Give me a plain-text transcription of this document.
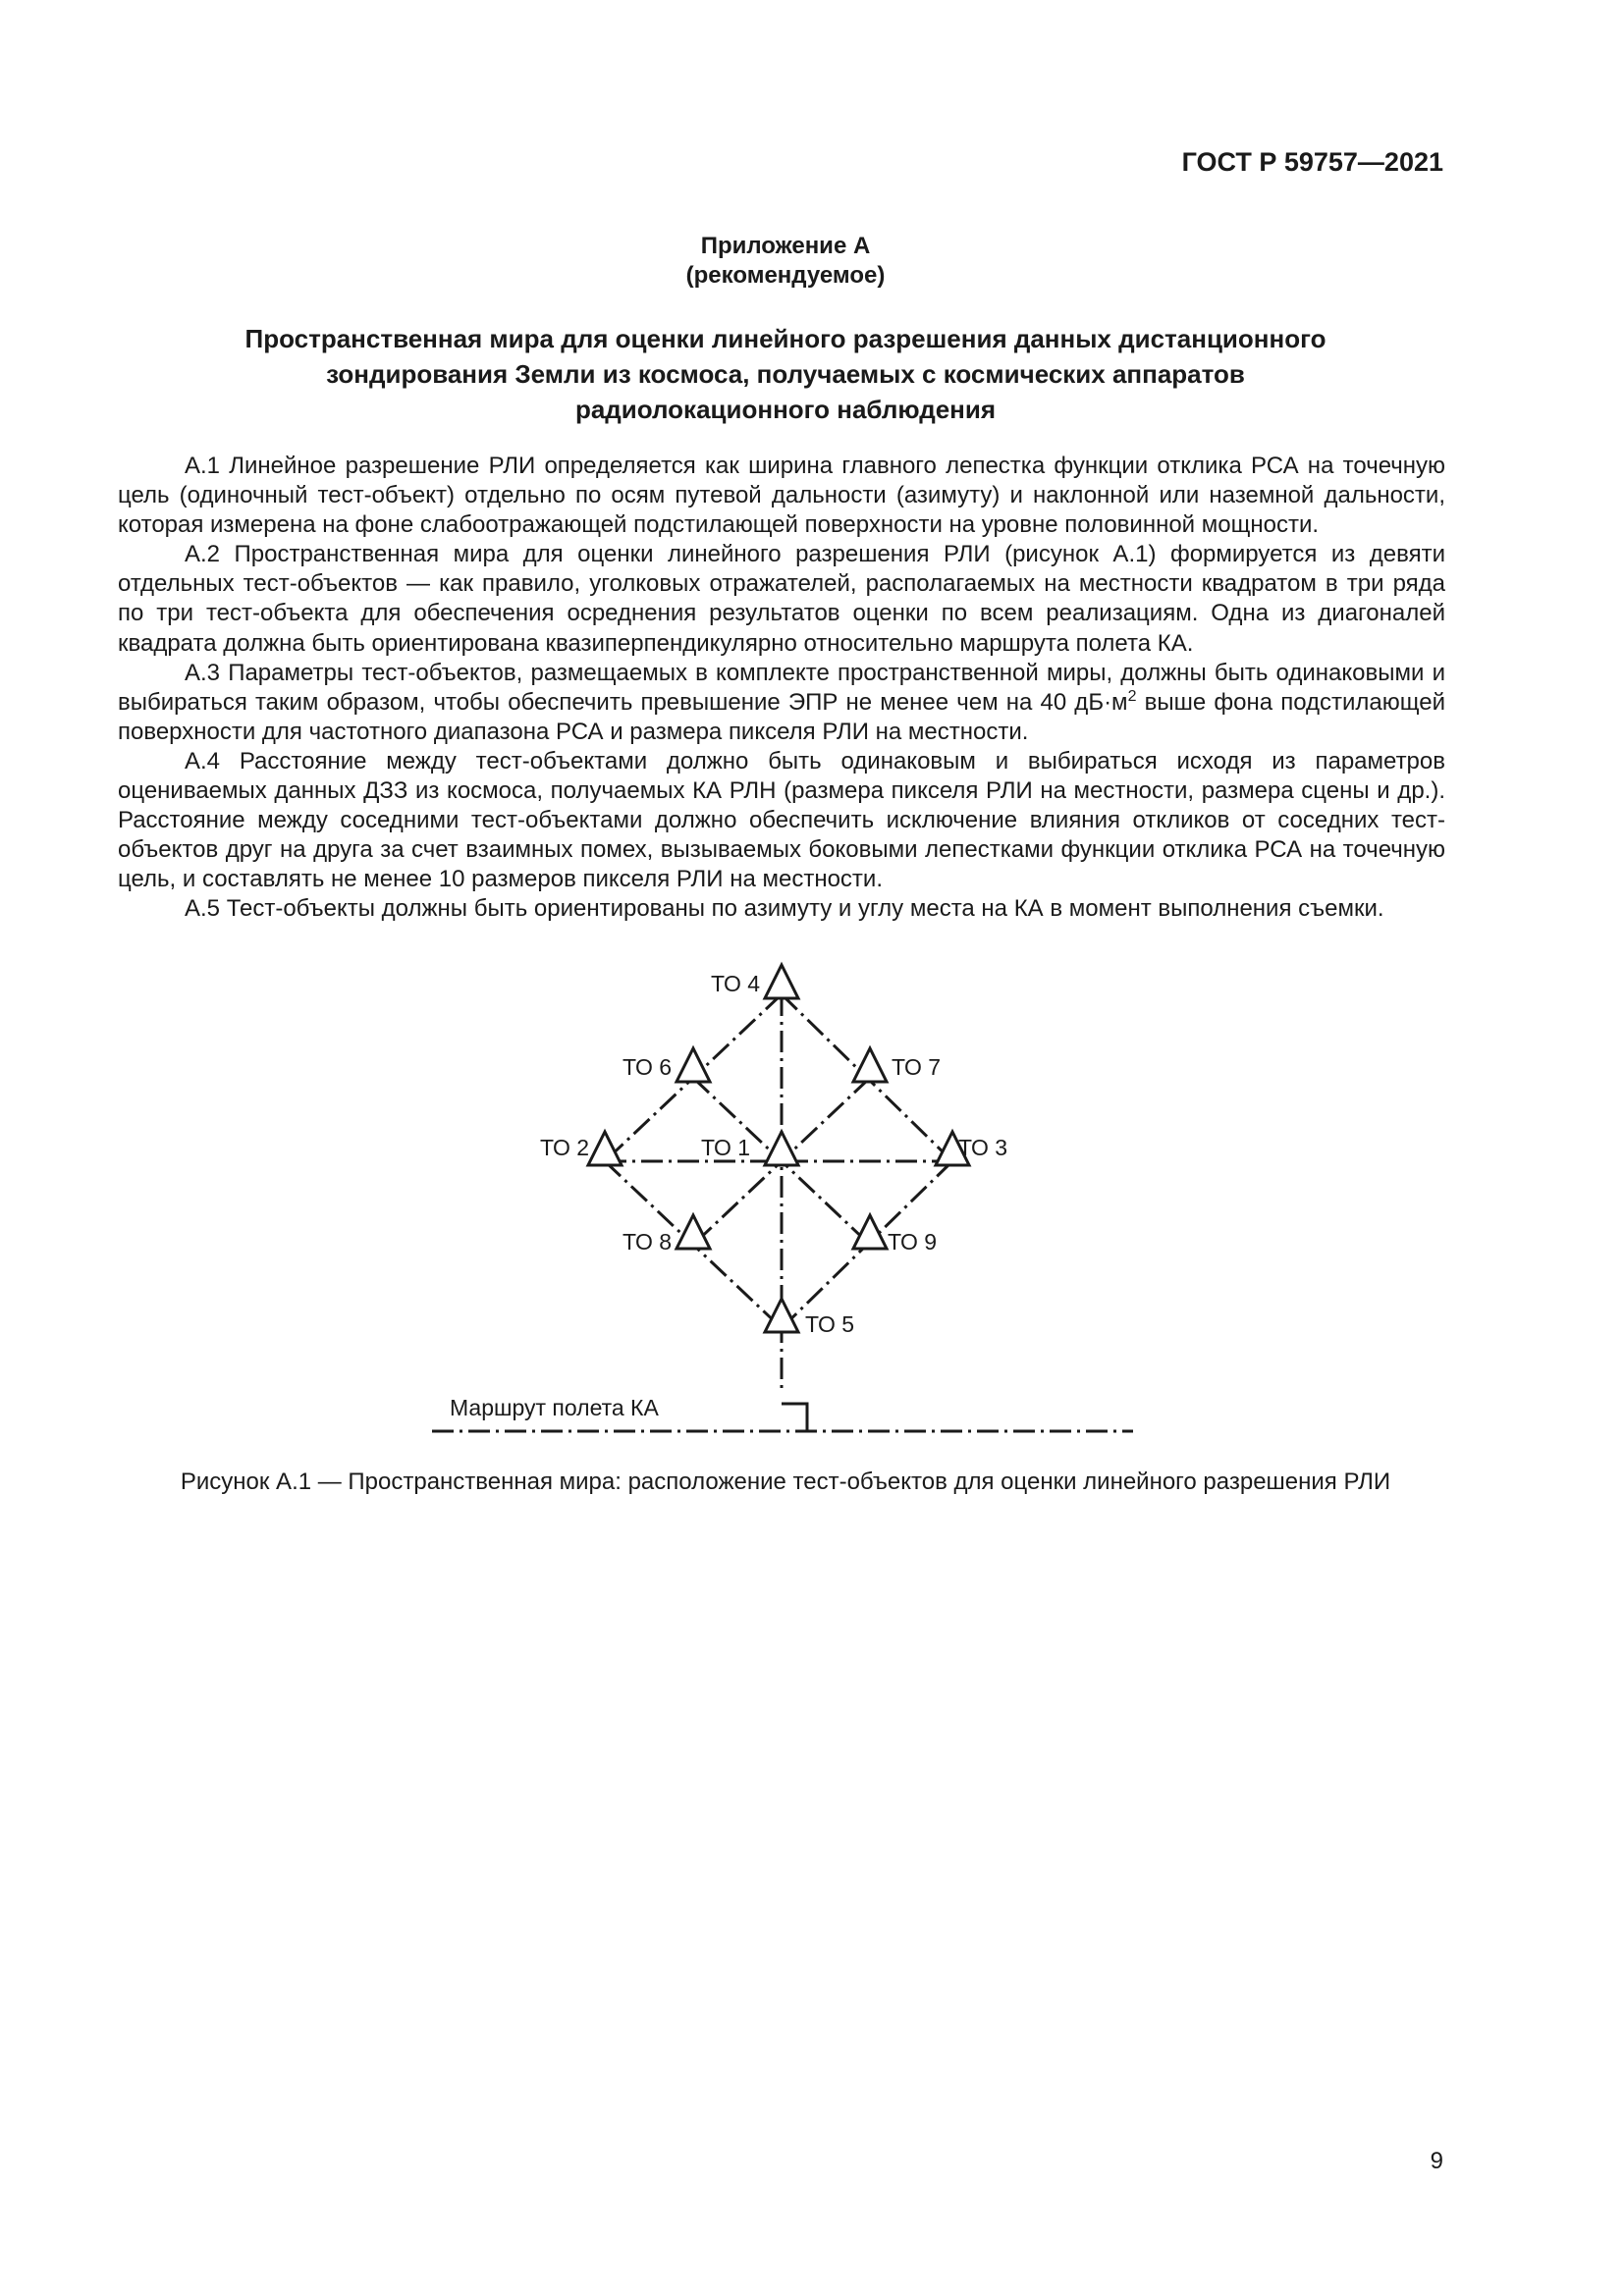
ГОСТ Р 59757—2021

Приложение А
(рекомендуемое)
Пространственная мира для оценки линейного разрешения данных дистанционного
зондирования Земли из космоса, получаемых с космических аппаратов
радиолокационного наблюдения

А.1 Линейное разрешение РЛИ определяется как ширина главного лепестка функции отклика РСА на точечную цель (одиночный тест-объект) отдельно по осям путевой дальности (азимуту) и наклонной или наземной дальности, которая измерена на фоне слабоотражающей подстилающей поверхности на уровне половинной мощности.

А.2 Пространственная мира для оценки линейного разрешения РЛИ (рисунок А.1) формируется из девяти отдельных тест-объектов — как правило, уголковых отражателей, располагаемых на местности квадратом в три ряда по три тест-объекта для обеспечения осреднения результатов оценки по всем реализациям. Одна из диагоналей квадрата должна быть ориентирована квазиперпендикулярно относительно маршрута полета КА.

А.3 Параметры тест-объектов, размещаемых в комплекте пространственной миры, должны быть одинаковыми и выбираться таким образом, чтобы обеспечить превышение ЭПР не менее чем на 40 $дБ\cdot м^2$ выше фона подстилающей поверхности для частотного диапазона РСА и размера пикселя РЛИ на местности.

А.4 Расстояние между тест-объектами должно быть одинаковым и выбираться исходя из параметров оцениваемых данных ДЗЗ из космоса, получаемых КА РЛН (размера пикселя РЛИ на местности, размера сцены и др.). Расстояние между соседними тест-объектами должно обеспечить исключение влияния откликов от соседних тест-объектов друг на друга за счет взаимных помех, вызываемых боковыми лепестками функции отклика РСА на точечную цель, и составлять не менее 10 размеров пикселя РЛИ на местности.

А.5 Тест-объекты должны быть ориентированы по азимуту и углу места на КА в момент выполнения съемки.

ТО 4
ТО 6	ТО 7
ТО 2	ТО 1	ТО 3
ТО 8	ТО 9
ТО 5
Маршрут полета КА

Рисунок А.1 — Пространственная мира: расположение тест-объектов для оценки линейного разрешения РЛИ

9
